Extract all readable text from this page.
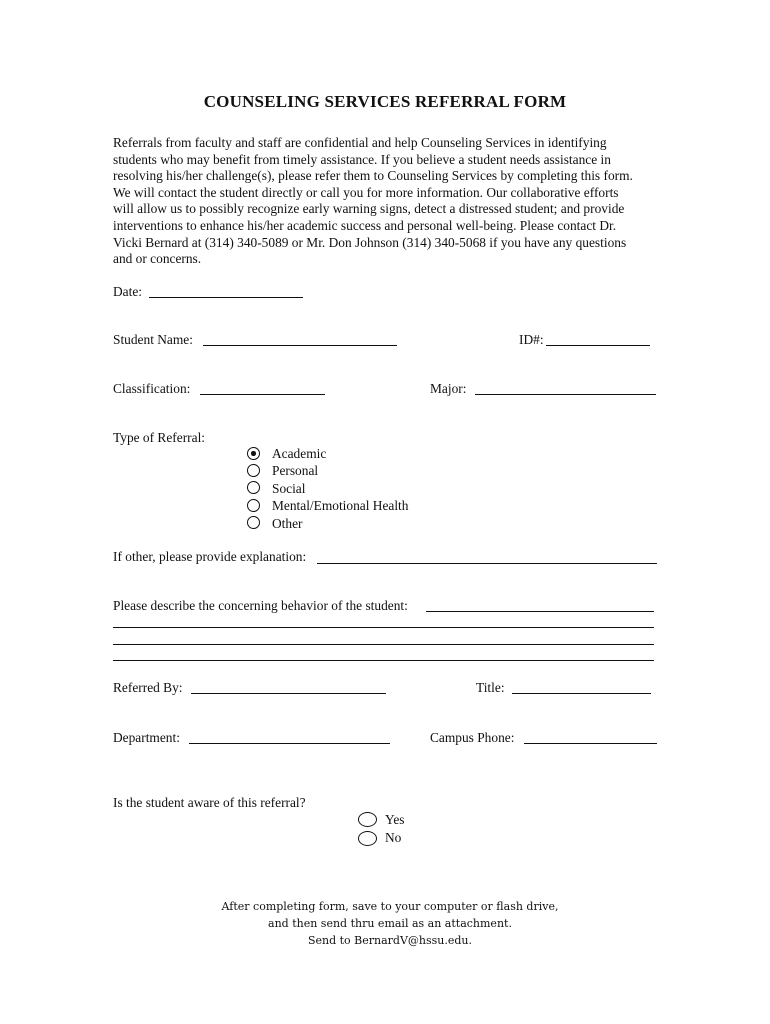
COUNSELING SERVICES REFERRAL FORM
Referrals from faculty and staff are confidential and help Counseling Services in identifying
students who may benefit from timely assistance. If you believe a student needs assistance in
resolving his/her challenge(s), please refer them to Counseling Services by completing this form.
We will contact the student directly or call you for more information. Our collaborative efforts
will allow us to possibly recognize early warning signs, detect a distressed student; and provide
interventions to enhance his/her academic success and personal well-being. Please contact Dr.
Vicki Bernard at (314) 340-5089 or Mr. Don Johnson (314) 340-5068 if you have any questions
and or concerns.
Date:
Student Name:	ID#:
Classification:	Major:
Type of Referral:
Academic
Personal
Social
Mental/Emotional Health
Other
If other, please provide explanation:
Please describe the concerning behavior of the student:
Referred By:	Title:
Department:	Campus Phone:
Is the student aware of this referral?
Yes
No
After completing form, save to your computer or flash drive,
and then send thru email as an attachment.
Send to BernardV@hssu.edu.
